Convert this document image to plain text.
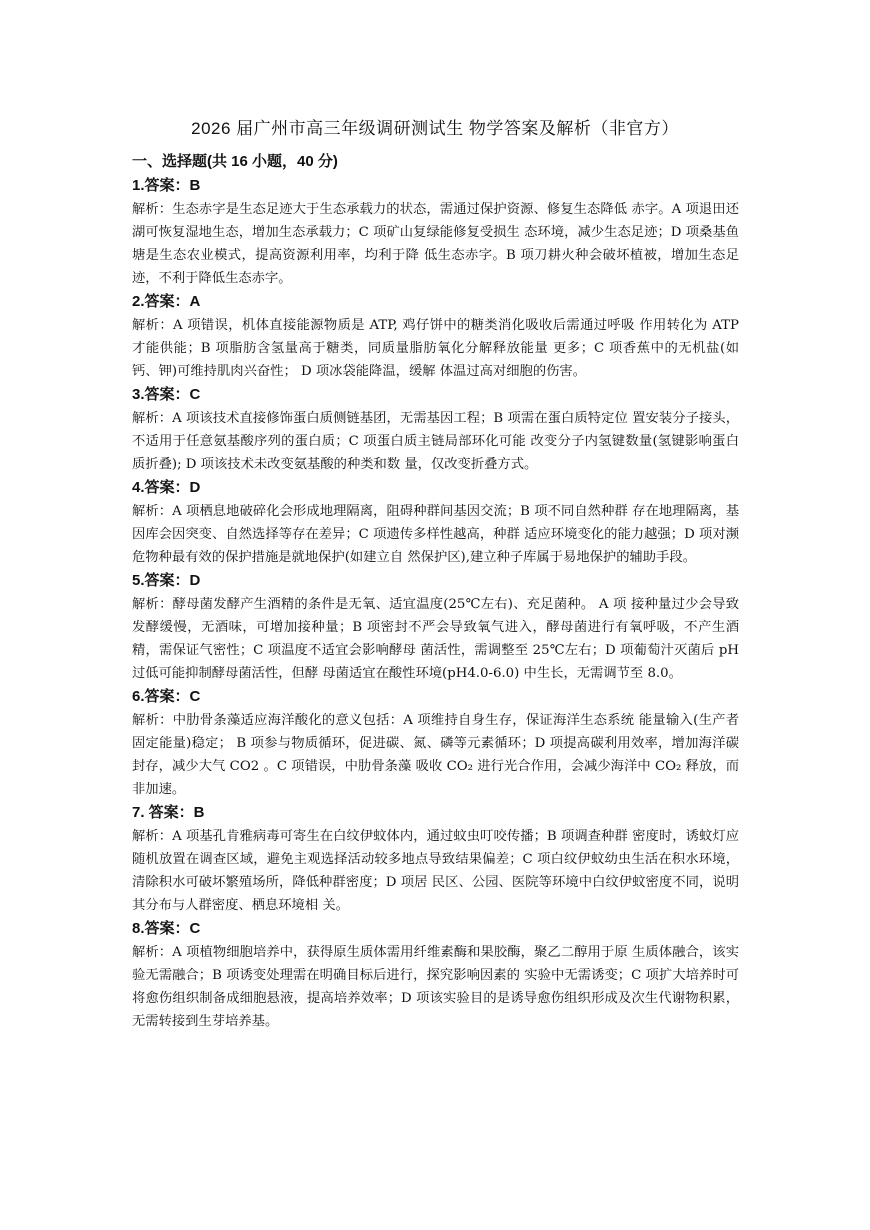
2026 届广州市高三年级调研测试生 物学答案及解析（非官方）
一、选择题(共 16 小题，40 分)
1.答案：B

解析：生态赤字是生态足迹大于生态承载力的状态，需通过保护资源、修复生态降低 赤字。A 项退田还湖可恢复湿地生态，增加生态承载力；C 项矿山复绿能修复受损生 态环境，减少生态足迹；D 项桑基鱼塘是生态农业模式，提高资源利用率，均利于降 低生态赤字。B 项刀耕火种会破坏植被，增加生态足迹，不利于降低生态赤字。

2.答案：A

解析：A 项错误，机体直接能源物质是 ATP, 鸡仔饼中的糖类消化吸收后需通过呼吸 作用转化为 ATP 才能供能；B 项脂肪含氢量高于糖类，同质量脂肪氧化分解释放能量 更多；C 项香蕉中的无机盐(如钙、钾)可维持肌肉兴奋性； D 项冰袋能降温，缓解 体温过高对细胞的伤害。

3.答案：C

解析：A 项该技术直接修饰蛋白质侧链基团，无需基因工程；B 项需在蛋白质特定位 置安装分子接头，不适用于任意氨基酸序列的蛋白质；C 项蛋白质主链局部环化可能 改变分子内氢键数量(氢键影响蛋白质折叠); D 项该技术未改变氨基酸的种类和数 量，仅改变折叠方式。

4.答案：D

解析：A 项栖息地破碎化会形成地理隔离，阻碍种群间基因交流；B 项不同自然种群 存在地理隔离，基因库会因突变、自然选择等存在差异；C 项遗传多样性越高，种群 适应环境变化的能力越强；D 项对濒危物种最有效的保护措施是就地保护(如建立自 然保护区),建立种子库属于易地保护的辅助手段。

5.答案：D

解析：酵母菌发酵产生酒精的条件是无氧、适宜温度(25℃左右)、充足菌种。 A 项 接种量过少会导致发酵缓慢，无酒味，可增加接种量；B 项密封不严会导致氧气进入，酵母菌进行有氧呼吸，不产生酒精，需保证气密性；C 项温度不适宜会影响酵母 菌活性，需调整至 25℃左右；D 项葡萄汁灭菌后 pH 过低可能抑制酵母菌活性，但酵 母菌适宜在酸性环境(pH4.0-6.0) 中生长，无需调节至 8.0。

6.答案：C

解析：中肋骨条藻适应海洋酸化的意义包括：A 项维持自身生存，保证海洋生态系统 能量输入(生产者固定能量)稳定； B 项参与物质循环，促进碳、氮、磷等元素循环；D 项提高碳利用效率，增加海洋碳封存，减少大气 CO2 。C 项错误，中肋骨条藻 吸收 CO₂ 进行光合作用，会减少海洋中 CO₂ 释放，而非加速。

7. 答案：B

解析：A 项基孔肯雅病毒可寄生在白纹伊蚊体内，通过蚊虫叮咬传播；B 项调查种群 密度时，诱蚊灯应随机放置在调查区域，避免主观选择活动较多地点导致结果偏差；C 项白纹伊蚊幼虫生活在积水环境，清除积水可破坏繁殖场所，降低种群密度；D 项居 民区、公园、医院等环境中白纹伊蚊密度不同，说明其分布与人群密度、栖息环境相 关。

8.答案：C

解析：A 项植物细胞培养中，获得原生质体需用纤维素酶和果胶酶，聚乙二醇用于原 生质体融合，该实验无需融合；B 项诱变处理需在明确目标后进行，探究影响因素的 实验中无需诱变；C 项扩大培养时可将愈伤组织制备成细胞悬液，提高培养效率；D 项该实验目的是诱导愈伤组织形成及次生代谢物积累，无需转接到生芽培养基。
